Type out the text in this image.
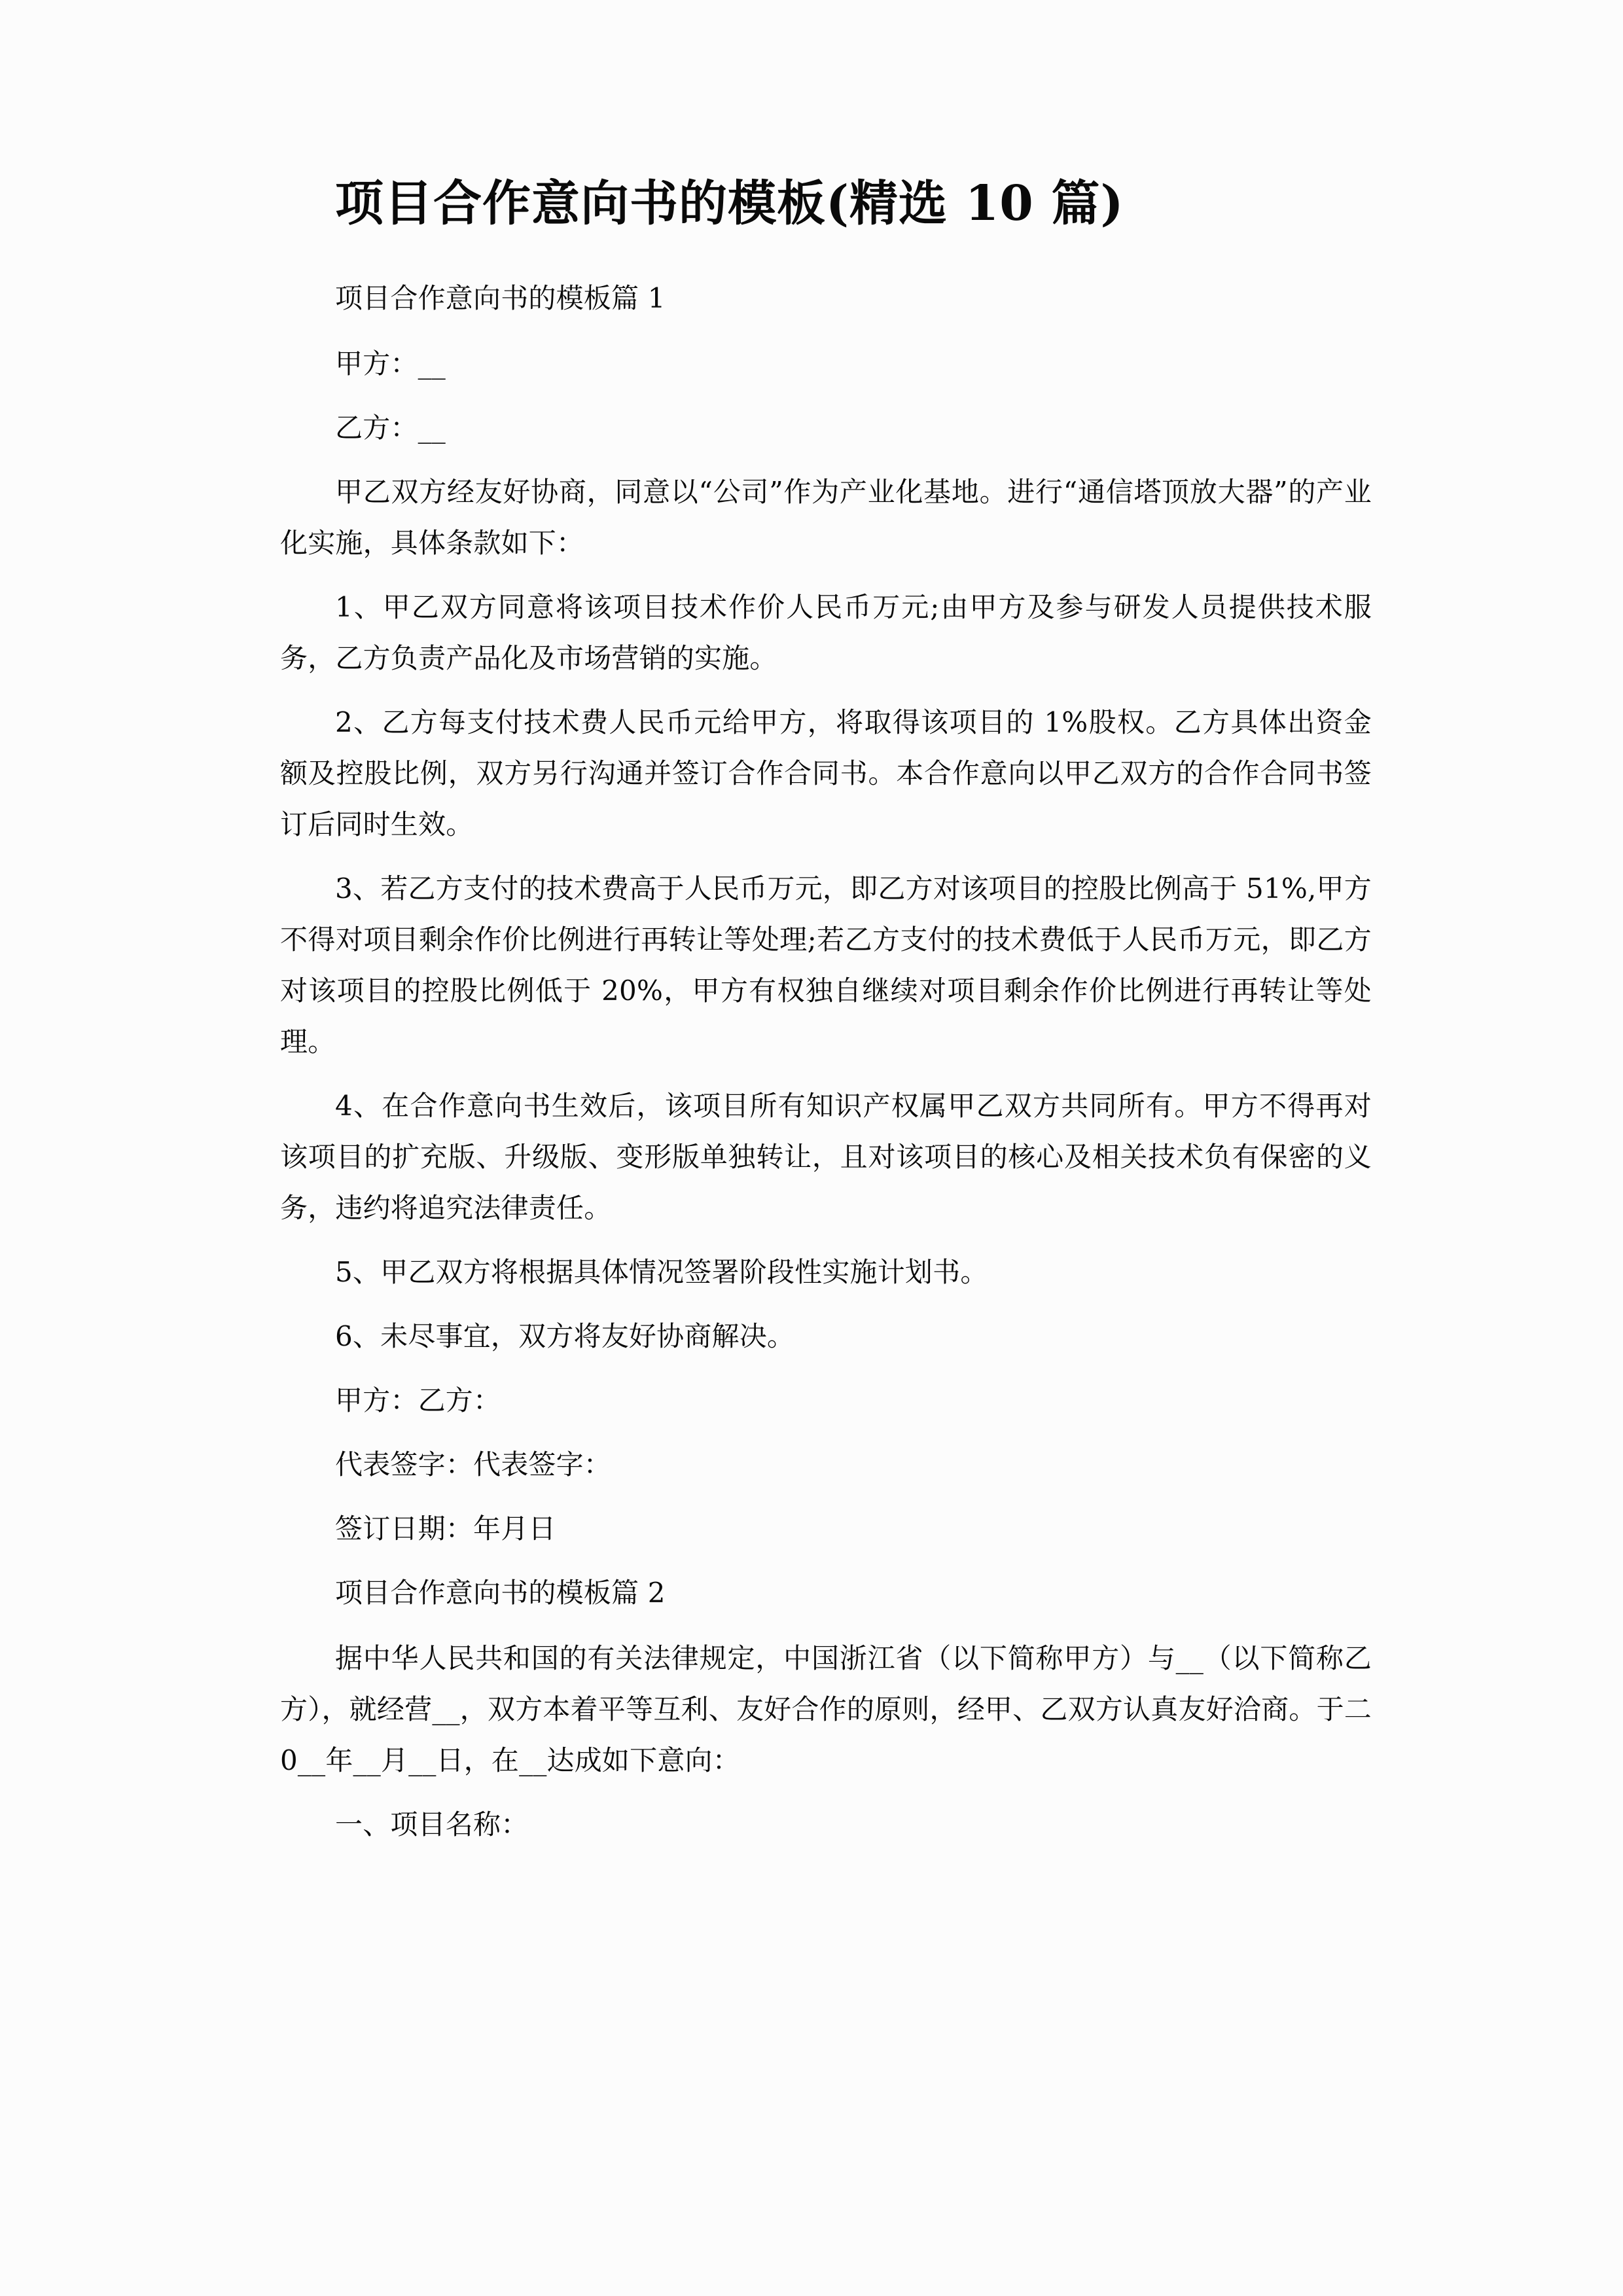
项目合作意向书的模板(精选 10 篇)

项目合作意向书的模板篇 1

甲方：__

乙方：__

甲乙双方经友好协商，同意以“公司”作为产业化基地。进行“通信塔顶放大器”的产业化实施，具体条款如下：

1、甲乙双方同意将该项目技术作价人民币万元;由甲方及参与研发人员提供技术服务，乙方负责产品化及市场营销的实施。

2、乙方每支付技术费人民币元给甲方，将取得该项目的 1%股权。乙方具体出资金额及控股比例，双方另行沟通并签订合作合同书。本合作意向以甲乙双方的合作合同书签订后同时生效。

3、若乙方支付的技术费高于人民币万元，即乙方对该项目的控股比例高于 51%,甲方不得对项目剩余作价比例进行再转让等处理;若乙方支付的技术费低于人民币万元，即乙方对该项目的控股比例低于 20%，甲方有权独自继续对项目剩余作价比例进行再转让等处理。

4、在合作意向书生效后，该项目所有知识产权属甲乙双方共同所有。甲方不得再对该项目的扩充版、升级版、变形版单独转让，且对该项目的核心及相关技术负有保密的义务，违约将追究法律责任。

5、甲乙双方将根据具体情况签署阶段性实施计划书。

6、未尽事宜，双方将友好协商解决。

甲方：乙方：

代表签字：代表签字：

签订日期：年月日

项目合作意向书的模板篇 2

据中华人民共和国的有关法律规定，中国浙江省（以下简称甲方）与__（以下简称乙方），就经营__，双方本着平等互利、友好合作的原则，经甲、乙双方认真友好洽商。于二 0__年__月__日，在__达成如下意向：

一、项目名称：
